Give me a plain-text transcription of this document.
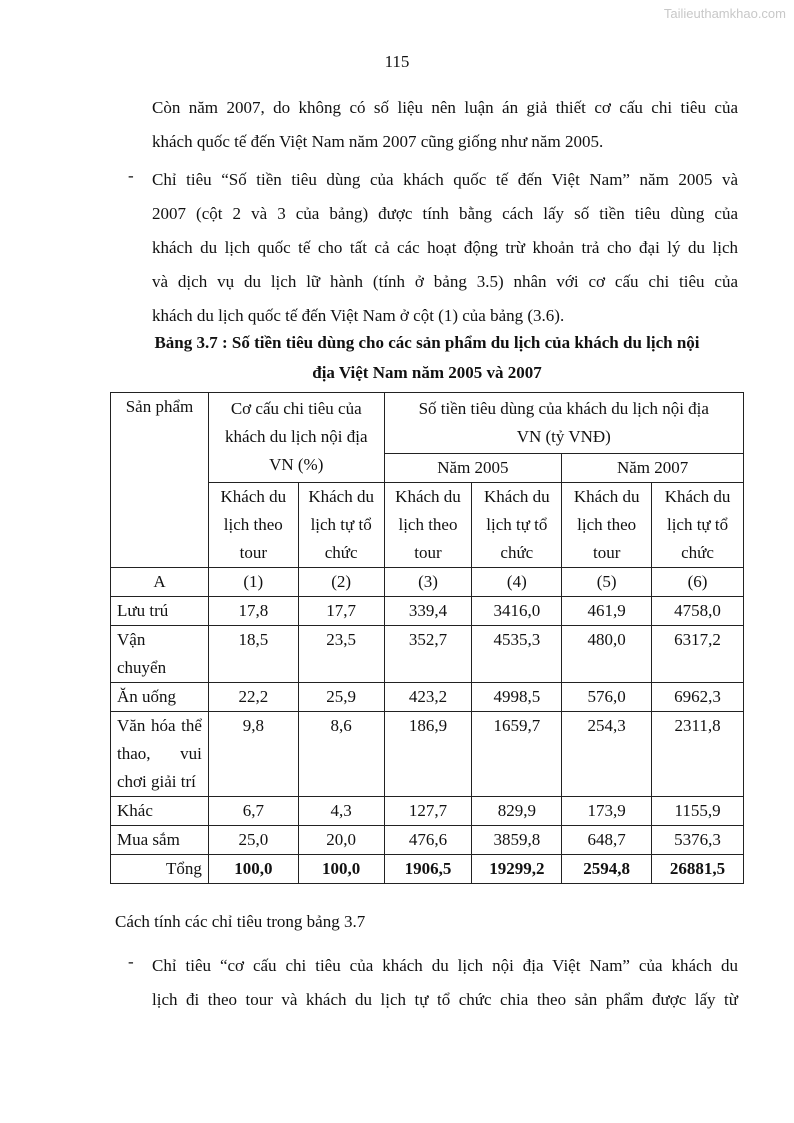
Tailieuthamkhao.com
115
Còn năm 2007, do không có số liệu nên luận án giả thiết cơ cấu chi tiêu của
khách quốc tế đến Việt Nam năm 2007 cũng giống như năm 2005.
- Chỉ tiêu “Số tiền tiêu dùng của khách quốc tế đến Việt Nam” năm 2005 và
2007 (cột 2 và 3 của bảng) được tính bằng cách lấy số tiền tiêu dùng của
khách du lịch quốc tế cho tất cả các hoạt động trừ khoản trả cho đại lý du lịch
và dịch vụ du lịch lữ hành (tính ở bảng 3.5) nhân với cơ cấu chi tiêu của
khách du lịch quốc tế đến Việt Nam ở cột (1) của bảng (3.6).
Bảng 3.7 : Số tiền tiêu dùng cho các sản phẩm du lịch của khách du lịch nội
địa Việt Nam năm 2005 và 2007
Sản phẩm	Cơ cấu chi tiêu của khách du lịch nội địa VN (%)		Số tiền tiêu dùng của khách du lịch nội địa VN (tỷ VNĐ)			
			Năm 2005		Năm 2007	
	Khách du lịch theo tour	Khách du lịch tự tổ chức	Khách du lịch theo tour	Khách du lịch tự tổ chức	Khách du lịch theo tour	Khách du lịch tự tổ chức
A	(1)	(2)	(3)	(4)	(5)	(6)
Lưu trú	17,8	17,7	339,4	3416,0	461,9	4758,0
Vận chuyển	18,5	23,5	352,7	4535,3	480,0	6317,2
Ăn uống	22,2	25,9	423,2	4998,5	576,0	6962,3
Văn hóa thể thao, vui chơi giải trí	9,8	8,6	186,9	1659,7	254,3	2311,8
Khác	6,7	4,3	127,7	829,9	173,9	1155,9
Mua sắm	25,0	20,0	476,6	3859,8	648,7	5376,3
Tổng	100,0	100,0	1906,5	19299,2	2594,8	26881,5
Cách tính các chỉ tiêu trong bảng 3.7
- Chỉ tiêu “cơ cấu chi tiêu của khách du lịch nội địa Việt Nam” của khách du
lịch đi theo tour và khách du lịch tự tổ chức chia theo sản phẩm được lấy từ
